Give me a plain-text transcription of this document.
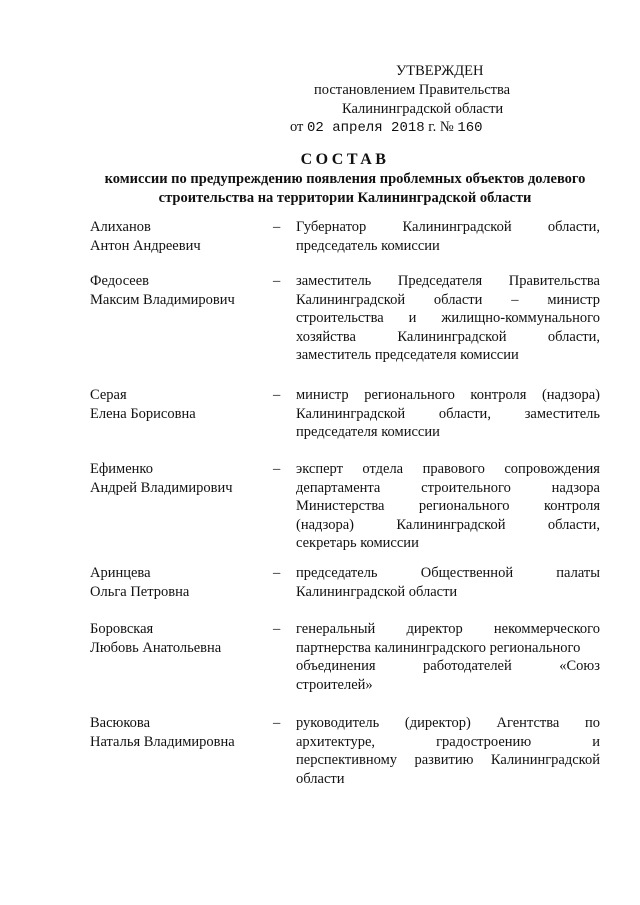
УТВЕРЖДЕН
постановлением Правительства
Калининградской области
от 02 апреля 2018 г. № 160
СОСТАВ
комиссии по предупреждению появления проблемных объектов долевого
строительства на территории Калининградской области
Алиханов
Антон Андреевич
– Губернатор	Калининградской	области,
председатель комиссии
Федосеев
Максим Владимирович
– заместитель Председателя Правительства
Калининградской области – министр
строительства и жилищно-коммунального
хозяйства	Калининградской	области,
заместитель председателя комиссии
Серая
Елена Борисовна
– министр регионального контроля (надзора)
Калининградской области, заместитель
председателя комиссии
Ефименко
Андрей Владимирович
– эксперт отдела правового сопровождения
департамента	строительного	надзора
Министерства регионального контроля
(надзора)	Калининградской	области,
секретарь комиссии
Аринцева
Ольга Петровна
– председатель	Общественной	палаты
Калининградской области
Боровская
Любовь Анатольевна
– генеральный директор некоммерческого
партнерства калининградского регионального
объединения	работодателей	«Союз
строителей»
Васюкова
Наталья Владимировна
– руководитель (директор) Агентства по
архитектуре,	градостроению	и
перспективному развитию Калининградской
области
